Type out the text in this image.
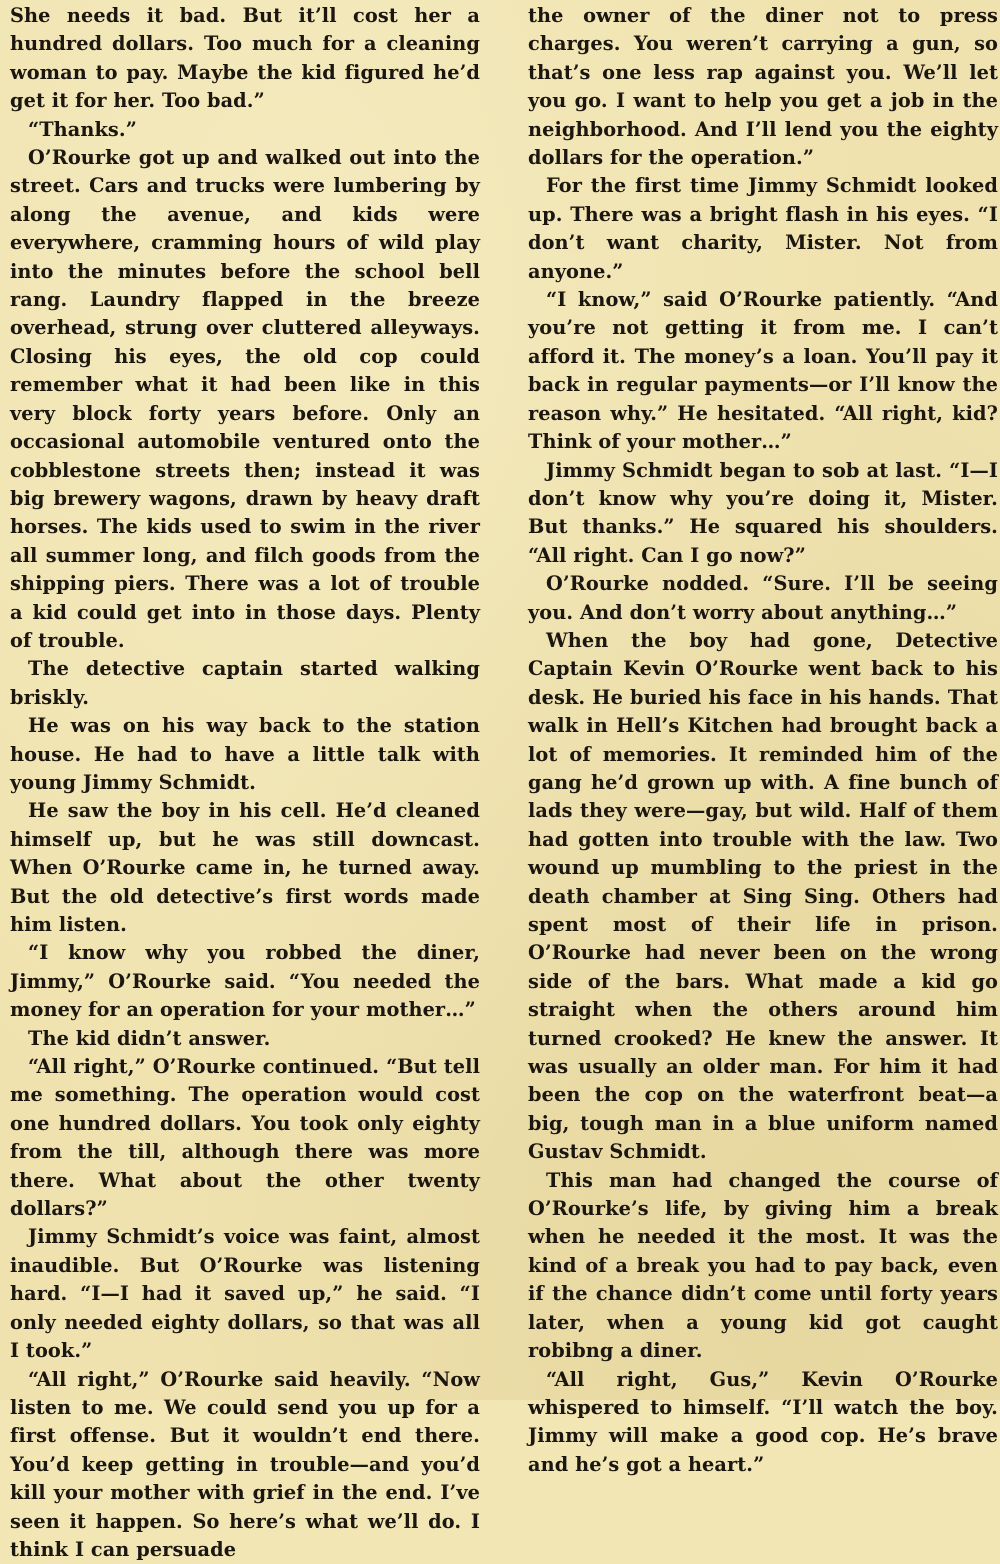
She needs it bad. But it’ll cost her a hundred dollars. Too much for a cleaning woman to pay. Maybe the kid figured he’d get it for her. Too bad.”

“Thanks.”

O’Rourke got up and walked out into the street. Cars and trucks were lumbering by along the avenue, and kids were everywhere, cramming hours of wild play into the minutes before the school bell rang. Laundry flapped in the breeze overhead, strung over cluttered alleyways. Closing his eyes, the old cop could remember what it had been like in this very block forty years before. Only an occasional automobile ventured onto the cobblestone streets then; instead it was big brewery wagons, drawn by heavy draft horses. The kids used to swim in the river all summer long, and filch goods from the shipping piers. There was a lot of trouble a kid could get into in those days. Plenty of trouble.

The detective captain started walking briskly.

He was on his way back to the station house. He had to have a little talk with young Jimmy Schmidt.

He saw the boy in his cell. He’d cleaned himself up, but he was still downcast. When O’Rourke came in, he turned away. But the old detective’s first words made him listen.

“I know why you robbed the diner, Jimmy,” O’Rourke said. “You needed the money for an operation for your mother…”

The kid didn’t answer.

“All right,” O’Rourke continued. “But tell me something. The operation would cost one hundred dollars. You took only eighty from the till, although there was more there. What about the other twenty dollars?”

Jimmy Schmidt’s voice was faint, almost inaudible. But O’Rourke was listening hard. “I—I had it saved up,” he said. “I only needed eighty dollars, so that was all I took.”

“All right,” O’Rourke said heavily. “Now listen to me. We could send you up for a first offense. But it wouldn’t end there. You’d keep getting in trouble—and you’d kill your mother with grief in the end. I’ve seen it happen. So here’s what we’ll do. I think I can persuade

the owner of the diner not to press charges. You weren’t carrying a gun, so that’s one less rap against you. We’ll let you go. I want to help you get a job in the neighborhood. And I’ll lend you the eighty dollars for the operation.”

For the first time Jimmy Schmidt looked up. There was a bright flash in his eyes. “I don’t want charity, Mister. Not from anyone.”

“I know,” said O’Rourke patiently. “And you’re not getting it from me. I can’t afford it. The money’s a loan. You’ll pay it back in regular payments—or I’ll know the reason why.” He hesitated. “All right, kid? Think of your mother…”

Jimmy Schmidt began to sob at last. “I—I don’t know why you’re doing it, Mister. But thanks.” He squared his shoulders. “All right. Can I go now?”

O’Rourke nodded. “Sure. I’ll be seeing you. And don’t worry about anything…”

When the boy had gone, Detective Captain Kevin O’Rourke went back to his desk. He buried his face in his hands. That walk in Hell’s Kitchen had brought back a lot of memories. It reminded him of the gang he’d grown up with. A fine bunch of lads they were—gay, but wild. Half of them had gotten into trouble with the law. Two wound up mumbling to the priest in the death chamber at Sing Sing. Others had spent most of their life in prison. O’Rourke had never been on the wrong side of the bars. What made a kid go straight when the others around him turned crooked? He knew the answer. It was usually an older man. For him it had been the cop on the waterfront beat—a big, tough man in a blue uniform named Gustav Schmidt.

This man had changed the course of O’Rourke’s life, by giving him a break when he needed it the most. It was the kind of a break you had to pay back, even if the chance didn’t come until forty years later, when a young kid got caught robibng a diner.

“All right, Gus,” Kevin O’Rourke whispered to himself. “I’ll watch the boy. Jimmy will make a good cop. He’s brave and he’s got a heart.”
